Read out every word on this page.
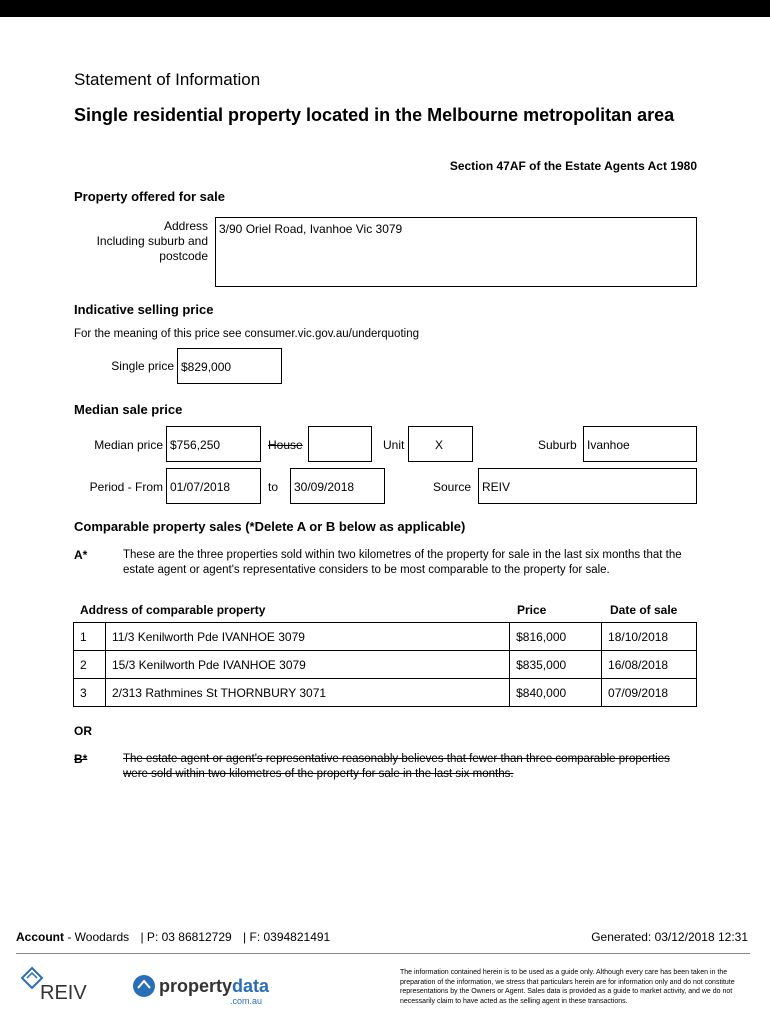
Statement of Information
Single residential property located in the Melbourne metropolitan area
Section 47AF of the Estate Agents Act 1980
Property offered for sale
Address
Including suburb and
postcode
3/90 Oriel Road, Ivanhoe Vic 3079
Indicative selling price
For the meaning of this price see consumer.vic.gov.au/underquoting
Single price $829,000
Median sale price
Median price $756,250	House	Unit	X	Suburb Ivanhoe
Period - From 01/07/2018	to	30/09/2018	Source REIV
Comparable property sales (*Delete A or B below as applicable)
A*	These are the three properties sold within two kilometres of the property for sale in the last six months that the estate agent or agent's representative considers to be most comparable to the property for sale.
Address of comparable property	Price	Date of sale
1	11/3 Kenilworth Pde IVANHOE 3079	$816,000	18/10/2018
2	15/3 Kenilworth Pde IVANHOE 3079	$835,000	16/08/2018
3	2/313 Rathmines St THORNBURY 3071	$840,000	07/09/2018
OR
B*	The estate agent or agent's representative reasonably believes that fewer than three comparable properties were sold within two kilometres of the property for sale in the last six months.
Account - Woodards | P: 03 86812729 | F: 0394821491	Generated: 03/12/2018 12:31
REIV	propertydata
.com.au
The information contained herein is to be used as a guide only. Although every care has been taken in the preparation of the information, we stress that particulars herein are for information only and do not constitute representations by the Owners or Agent. Sales data is provided as a guide to market activity, and we do not necessarily claim to have acted as the selling agent in these transactions.
